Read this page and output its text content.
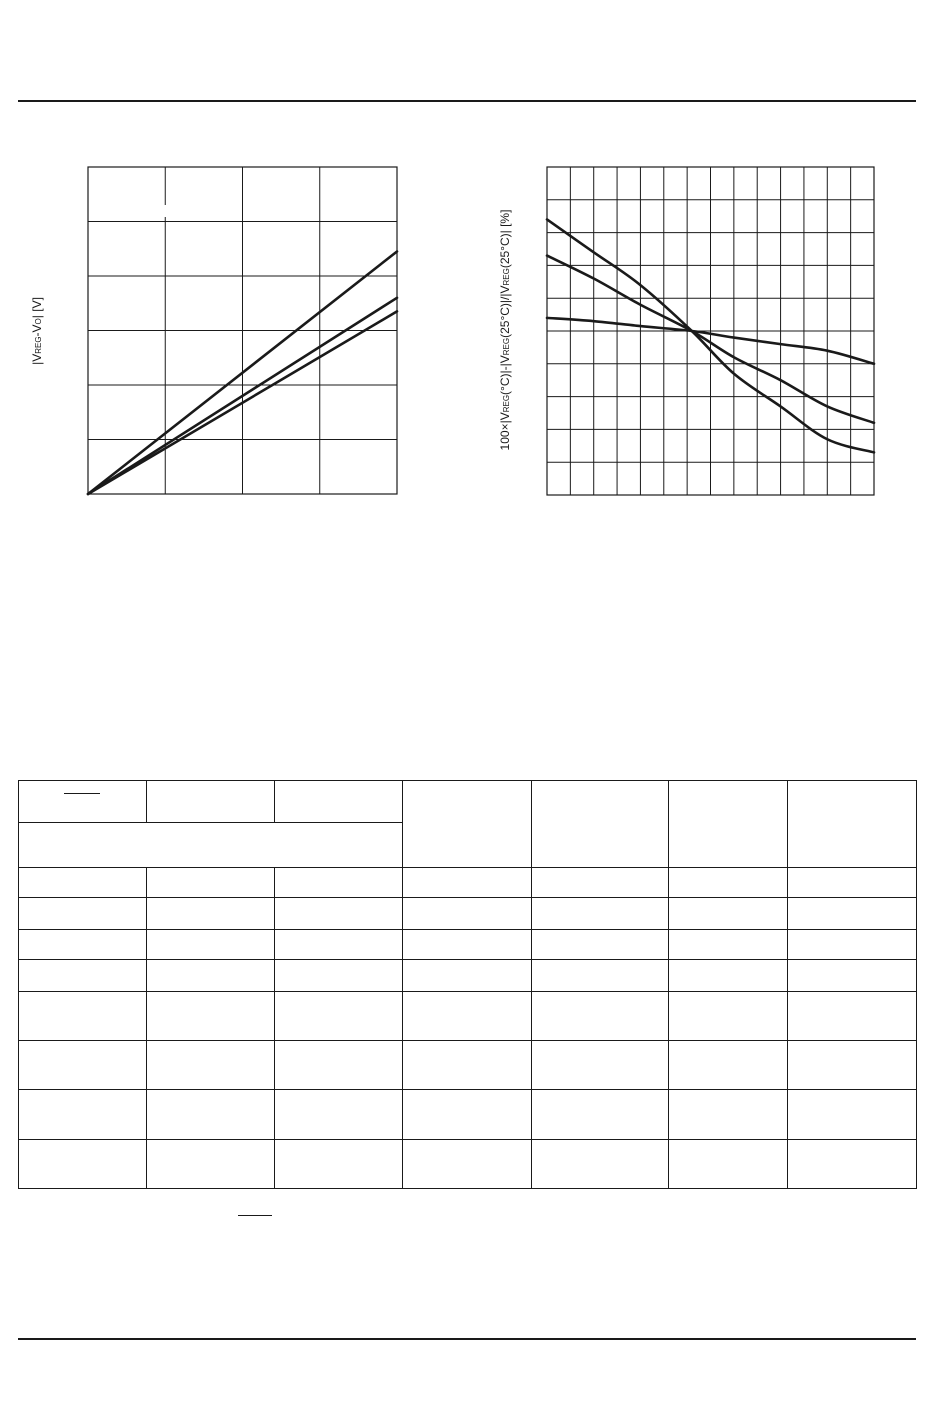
|VREG-VO| [V]
100×|VREG(°C)|-|VREG(25°C)|/|VREG(25°C)| [%]
